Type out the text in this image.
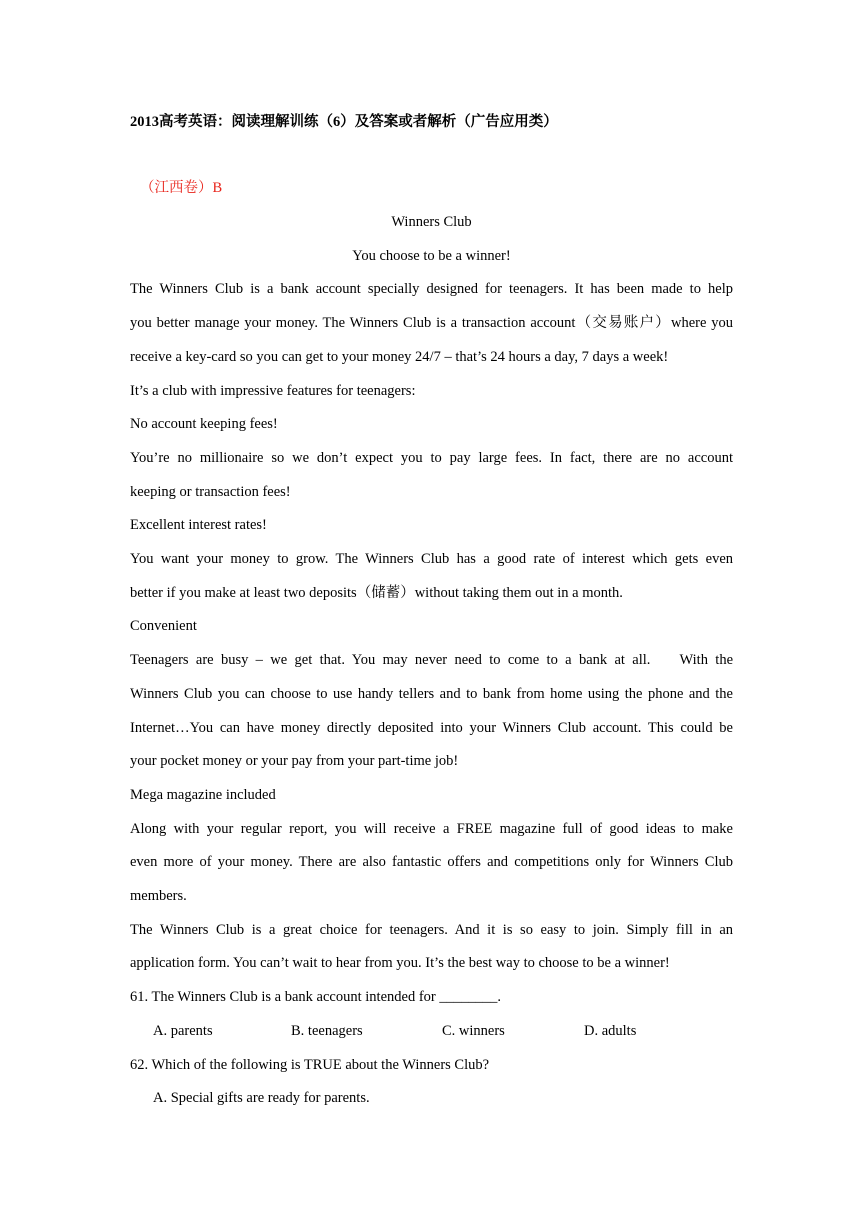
2013高考英语：阅读理解训练（6）及答案或者解析（广告应用类）
（江西卷）B

Winners Club

You choose to be a winner!

The Winners Club is a bank account specially designed for teenagers. It has been made to help

you better manage your money. The Winners Club is a transaction account（交易账户）where you

receive a key-card so you can get to your money 24/7 – that’s 24 hours a day, 7 days a week!

It’s a club with impressive features for teenagers:

No account keeping fees!

You’re no millionaire so we don’t expect you to pay large fees. In fact, there are no account

keeping or transaction fees!

Excellent interest rates!

You want your money to grow. The Winners Club has a good rate of interest which gets even

better if you make at least two deposits（储蓄）without taking them out in a month.

Convenient

Teenagers are busy – we get that. You may never need to come to a bank at all.    With the

Winners Club you can choose to use handy tellers and to bank from home using the phone and the

Internet…You can have money directly deposited into your Winners Club account. This could be

your pocket money or your pay from your part-time job!

Mega magazine included

Along with your regular report, you will receive a FREE magazine full of good ideas to make

even more of your money. There are also fantastic offers and competitions only for Winners Club

members.

The Winners Club is a great choice for teenagers. And it is so easy to join. Simply fill in an

application form. You can’t wait to hear from you. It’s the best way to choose to be a winner!

61. The Winners Club is a bank account intended for ________.

A. parents	B. teenagers	C. winners	D. adults

62. Which of the following is TRUE about the Winners Club?

A. Special gifts are ready for parents.
